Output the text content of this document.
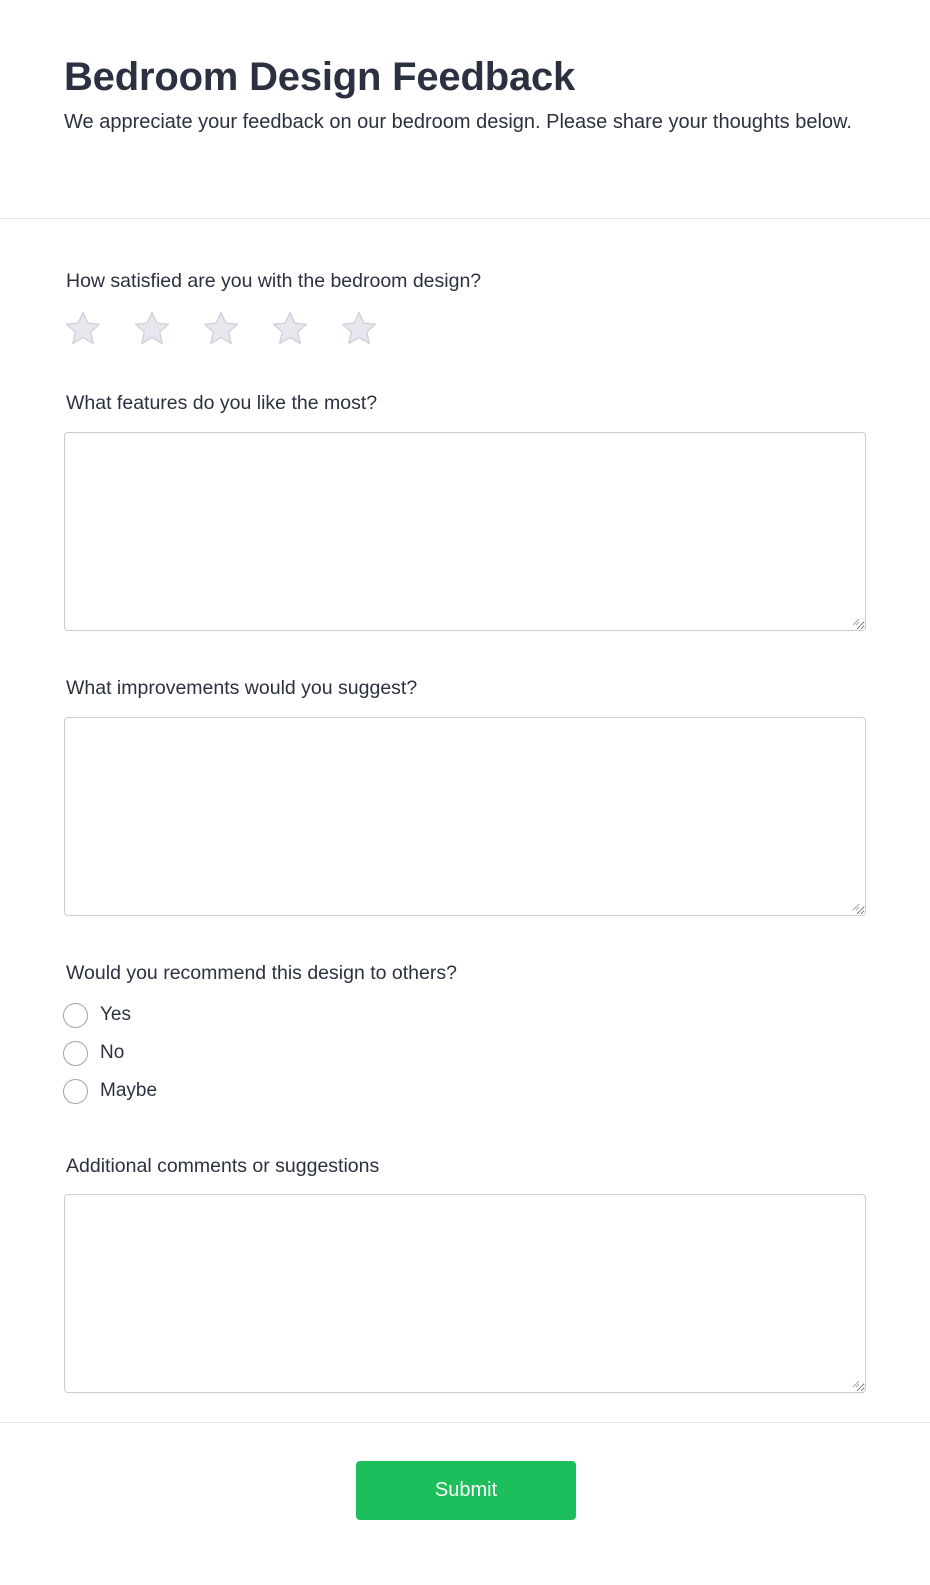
Bedroom Design Feedback

We appreciate your feedback on our bedroom design. Please share your thoughts below.

How satisfied are you with the bedroom design?
What features do you like the most?
What improvements would you suggest?
Would you recommend this design to others?
Yes
No
Maybe
Additional comments or suggestions
Submit
